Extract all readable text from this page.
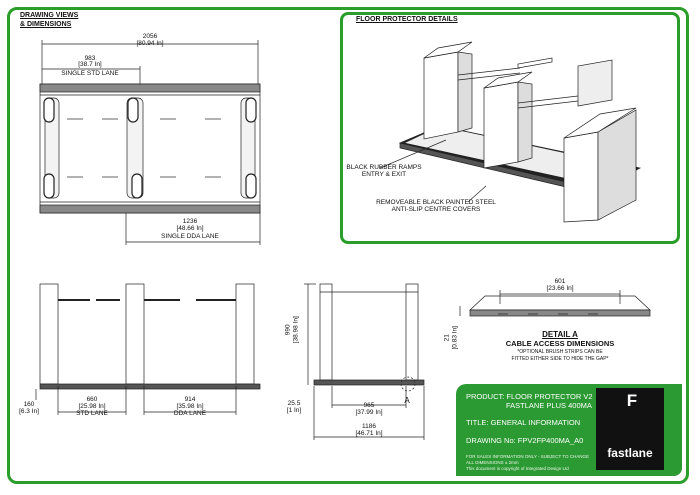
DRAWING VIEWS
& DIMENSIONS
FLOOR PROTECTOR DETAILS
2056
[80.94 In]
983
[38.7 In]
SINGLE STD LANE
1236
[48.66 In]
SINGLE DDA LANE
BLACK RUBBER RAMPS
ENTRY & EXIT
REMOVEABLE BLACK PAINTED STEEL
ANTI-SLIP CENTRE COVERS
160
[6.3 In]
660
[25.98 In]
STD LANE
914
[35.98 In]
DDA LANE
990 [38.98 In]
25.5
[1 In]
965
[37.99 In]
1186
[46.71 In]
A
601
[23.66 In]
21 [0.83 In]	DETAIL A
CABLE ACCESS DIMENSIONS
*OPTIONAL BRUSH STRIPS CAN BE
FITTED EITHER SIDE TO HIDE THE GAP*
PRODUCT: FLOOR PROTECTOR V2
FASTLANE PLUS 400MA
TITLE: GENERAL INFORMATION
DRAWING No: FPV2FP400MA_A0
FOR SALES INFORMATION ONLY - SUBJECT TO CHANGE
ALL DIMENSIONS ± 2mm
This document is copyright of Integrated Design Ltd
F
fastlane
